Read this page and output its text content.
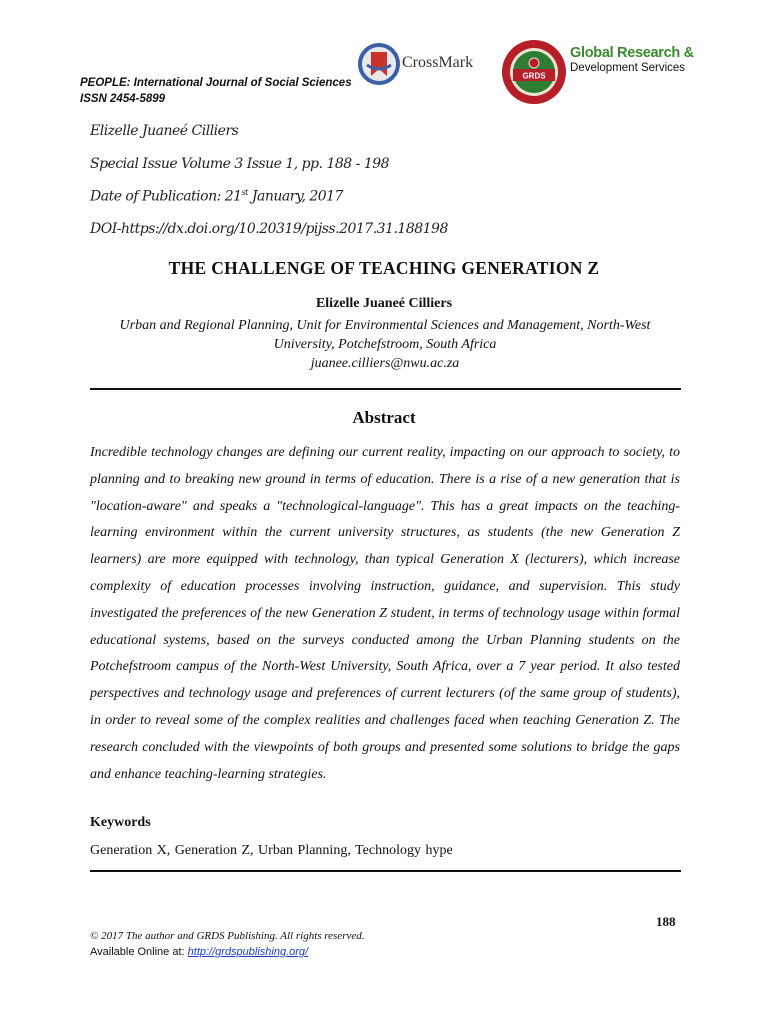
PEOPLE: International Journal of Social Sciences
ISSN 2454-5899
CrossMark
GRDS
Global Research &
Development Services
Elizelle Juaneé Cilliers
Special Issue Volume 3 Issue 1, pp. 188 - 198
Date of Publication: 21st January, 2017
DOI-https://dx.doi.org/10.20319/pijss.2017.31.188198
THE CHALLENGE OF TEACHING GENERATION Z
Elizelle Juaneé Cilliers
Urban and Regional Planning, Unit for Environmental Sciences and Management, North-West University, Potchefstroom, South Africa
juanee.cilliers@nwu.ac.za
Abstract
Incredible technology changes are defining our current reality, impacting on our approach to society, to planning and to breaking new ground in terms of education. There is a rise of a new generation that is "location-aware" and speaks a "technological-language". This has a great impacts on the teaching-learning environment within the current university structures, as students (the new Generation Z learners) are more equipped with technology, than typical Generation X (lecturers), which increase complexity of education processes involving instruction, guidance, and supervision. This study investigated the preferences of the new Generation Z student, in terms of technology usage within formal educational systems, based on the surveys conducted among the Urban Planning students on the Potchefstroom campus of the North-West University, South Africa, over a 7 year period. It also tested perspectives and technology usage and preferences of current lecturers (of the same group of students), in order to reveal some of the complex realities and challenges faced when teaching Generation Z. The research concluded with the viewpoints of both groups and presented some solutions to bridge the gaps and enhance teaching-learning strategies.
Keywords
Generation X, Generation Z, Urban Planning, Technology hype
188
© 2017 The author and GRDS Publishing. All rights reserved.
Available Online at: http://grdspublishing.org/
